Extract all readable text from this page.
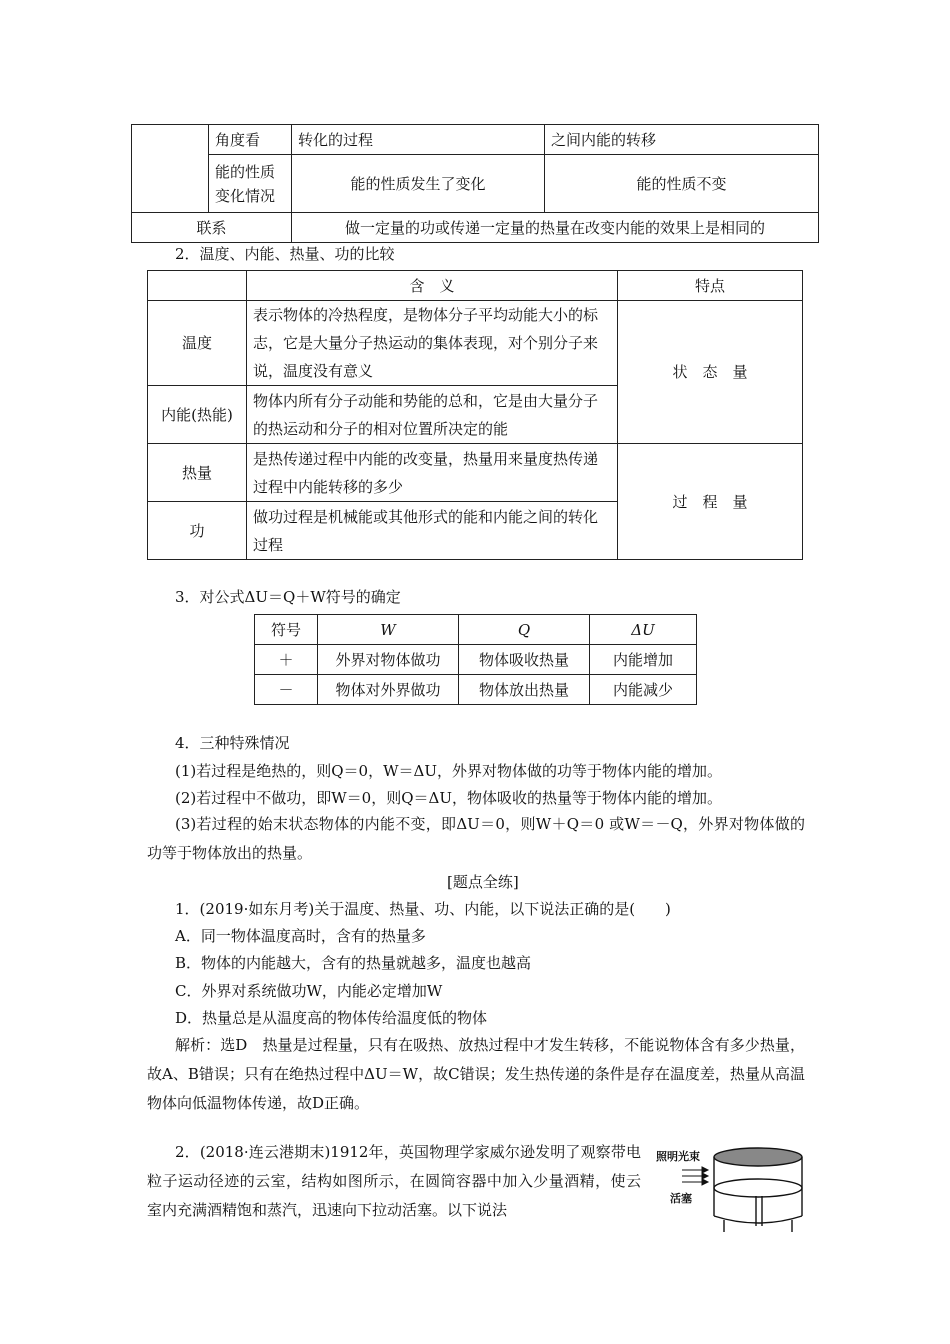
	角度看	转化的过程	之间内能的转移
	能的性质变化情况	能的性质发生了变化	能的性质不变
联系		做一定量的功或传递一定量的热量在改变内能的效果上是相同的	
2．温度、内能、热量、功的比较
	含　义	特点
温度	表示物体的冷热程度，是物体分子平均动能大小的标志，它是大量分子热运动的集体表现，对个别分子来说，温度没有意义	状　态　量
内能(热能)	物体内所有分子动能和势能的总和，它是由大量分子的热运动和分子的相对位置所决定的能	
热量	是热传递过程中内能的改变量，热量用来量度热传递过程中内能转移的多少	过　程　量
功	做功过程是机械能或其他形式的能和内能之间的转化过程	
3．对公式ΔU＝Q＋W符号的确定
符号	W	Q	ΔU
＋	外界对物体做功	物体吸收热量	内能增加
－	物体对外界做功	物体放出热量	内能减少
4．三种特殊情况
(1)若过程是绝热的，则Q＝0，W＝ΔU，外界对物体做的功等于物体内能的增加。
(2)若过程中不做功，即W＝0，则Q＝ΔU，物体吸收的热量等于物体内能的增加。
(3)若过程的始末状态物体的内能不变，即ΔU＝0，则W＋Q＝0 或W＝－Q，外界对物体做的功等于物体放出的热量。
[题点全练]
1．(2019·如东月考)关于温度、热量、功、内能，以下说法正确的是(　　)
A．同一物体温度高时，含有的热量多
B．物体的内能越大，含有的热量就越多，温度也越高
C．外界对系统做功W，内能必定增加W
D．热量总是从温度高的物体传给温度低的物体
解析：选D　热量是过程量，只有在吸热、放热过程中才发生转移，不能说物体含有多少热量，故A、B错误；只有在绝热过程中ΔU＝W，故C错误；发生热传递的条件是存在温度差，热量从高温物体向低温物体传递，故D正确。
2．(2018·连云港期末)1912年，英国物理学家威尔逊发明了观察带电粒子运动径迹的云室，结构如图所示，在圆筒容器中加入少量酒精，使云室内充满酒精饱和蒸汽，迅速向下拉动活塞。以下说法
照明光束
活塞
